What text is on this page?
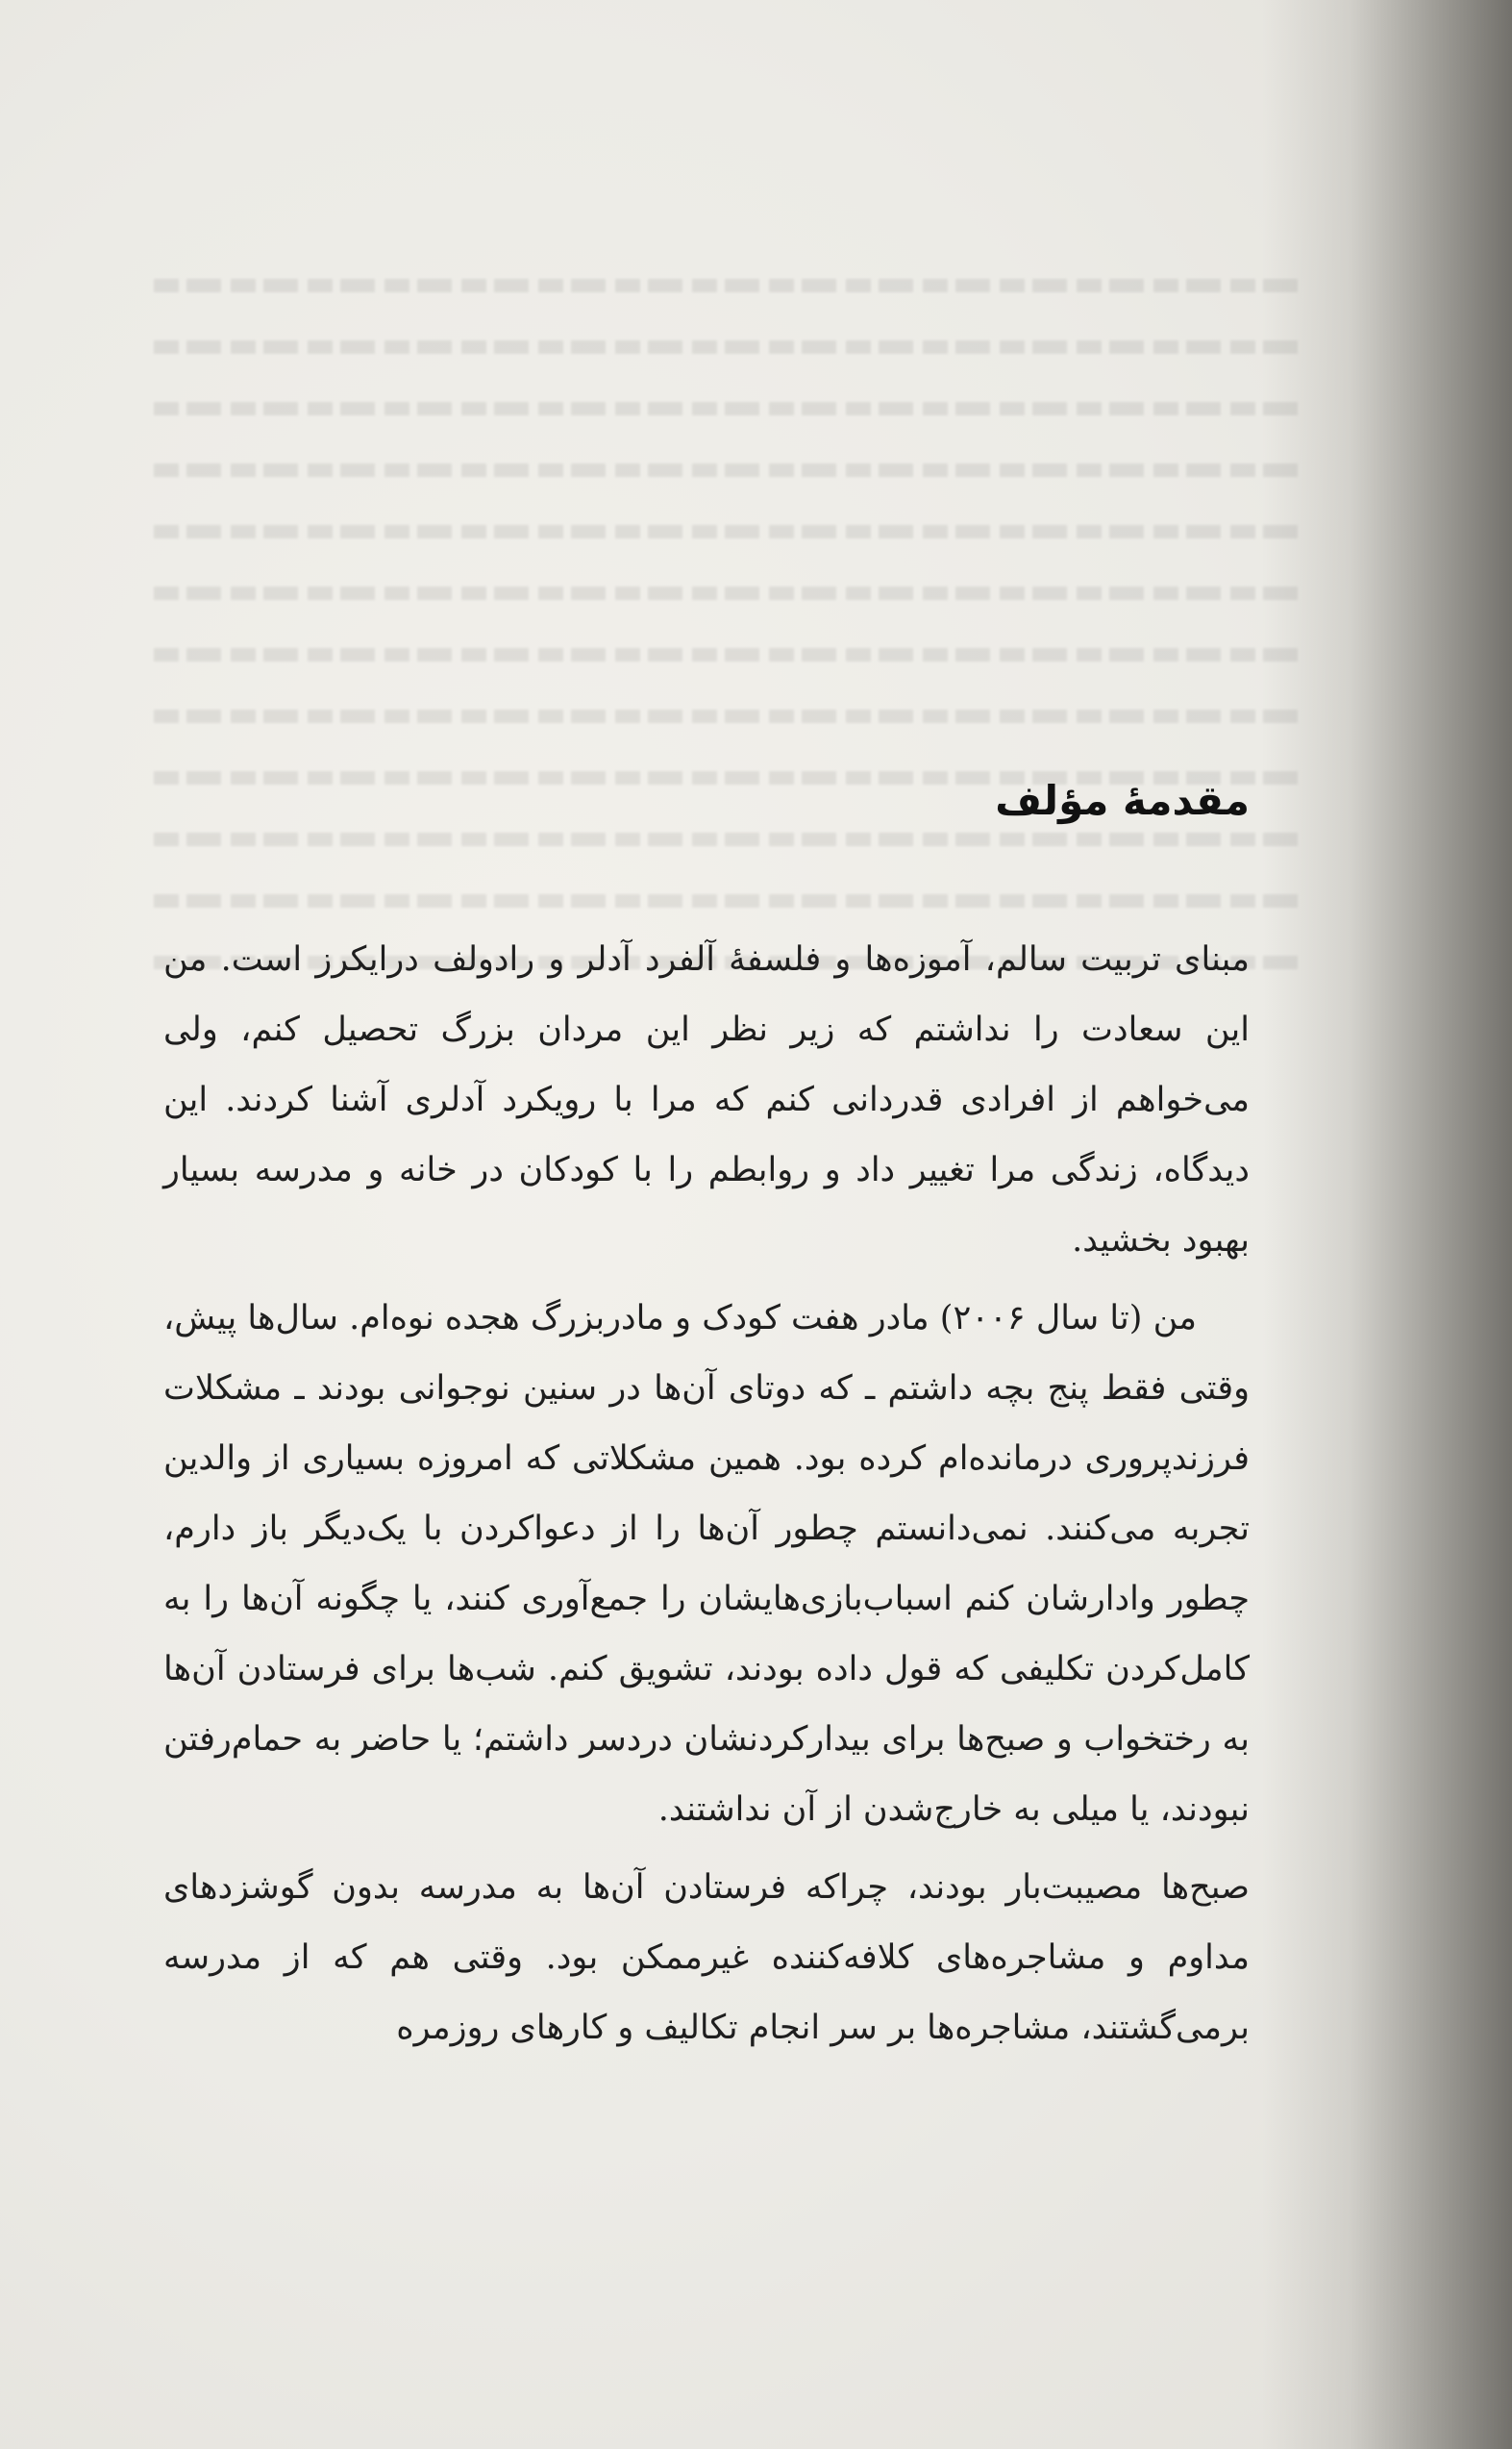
مقدمهٔ مؤلف

مبنای تربیت سالم، آموزه‌ها و فلسفهٔ آلفرد آدلر و رادولف درایکرز است. من این سعادت را نداشتم که زیر نظر این مردان بزرگ تحصیل کنم، ولی می‌خواهم از افرادی قدردانی کنم که مرا با رویکرد آدلری آشنا کردند. این دیدگاه، زندگی مرا تغییر داد و روابطم را با کودکان در خانه و مدرسه بسیار بهبود بخشید.

من (تا سال ۲۰۰۶) مادر هفت کودک و مادربزرگ هجده نوه‌ام. سال‌ها پیش، وقتی فقط پنج بچه داشتم ـ که دوتای آن‌ها در سنین نوجوانی بودند ـ مشکلات فرزندپروری درمانده‌ام کرده بود. همین مشکلاتی که امروزه بسیاری از والدین تجربه می‌کنند. نمی‌دانستم چطور آن‌ها را از دعواکردن با یک‌دیگر باز دارم، چطور وادارشان کنم اسباب‌بازی‌هایشان را جمع‌آوری کنند، یا چگونه آن‌ها را به کامل‌کردن تکلیفی که قول داده بودند، تشویق کنم. شب‌ها برای فرستادن آن‌ها به رختخواب و صبح‌ها برای بیدارکردنشان دردسر داشتم؛ یا حاضر به حمام‌رفتن نبودند، یا میلی به خارج‌شدن از آن نداشتند.

صبح‌ها مصیبت‌بار بودند، چراکه فرستادن آن‌ها به مدرسه بدون گوشزدهای مداوم و مشاجره‌های کلافه‌کننده غیرممکن بود. وقتی هم که از مدرسه برمی‌گشتند، مشاجره‌ها بر سر انجام تکالیف و کارهای روزمره
